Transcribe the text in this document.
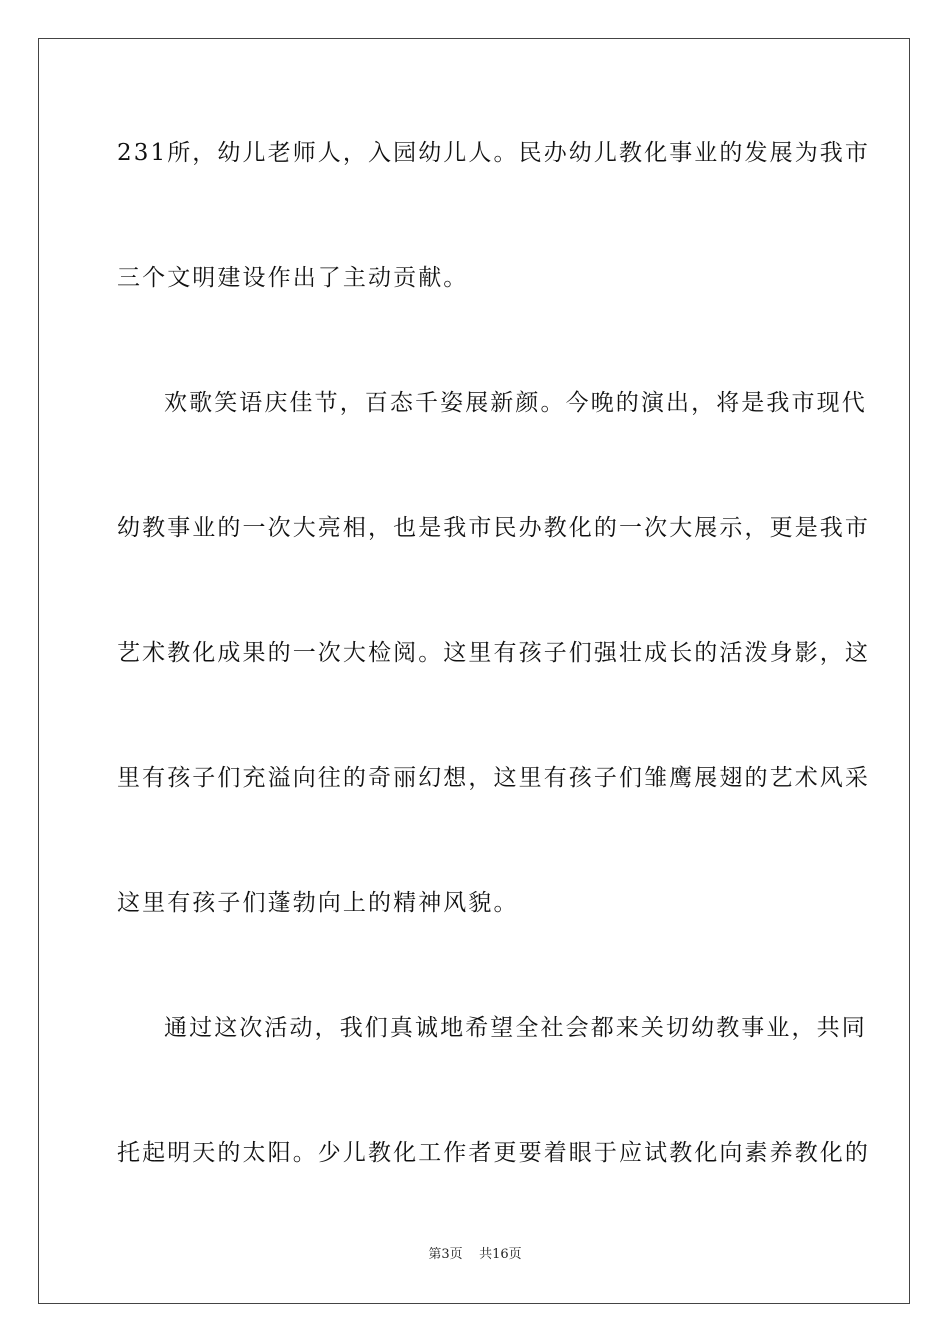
231所，幼儿老师人，入园幼儿人。民办幼儿教化事业的发展为我市
三个文明建设作出了主动贡献。
欢歌笑语庆佳节，百态千姿展新颜。今晚的演出，将是我市现代
幼教事业的一次大亮相，也是我市民办教化的一次大展示，更是我市
艺术教化成果的一次大检阅。这里有孩子们强壮成长的活泼身影，这
里有孩子们充溢向往的奇丽幻想，这里有孩子们雏鹰展翅的艺术风采
这里有孩子们蓬勃向上的精神风貌。
通过这次活动，我们真诚地希望全社会都来关切幼教事业，共同
托起明天的太阳。少儿教化工作者更要着眼于应试教化向素养教化的
第3页 共16页
